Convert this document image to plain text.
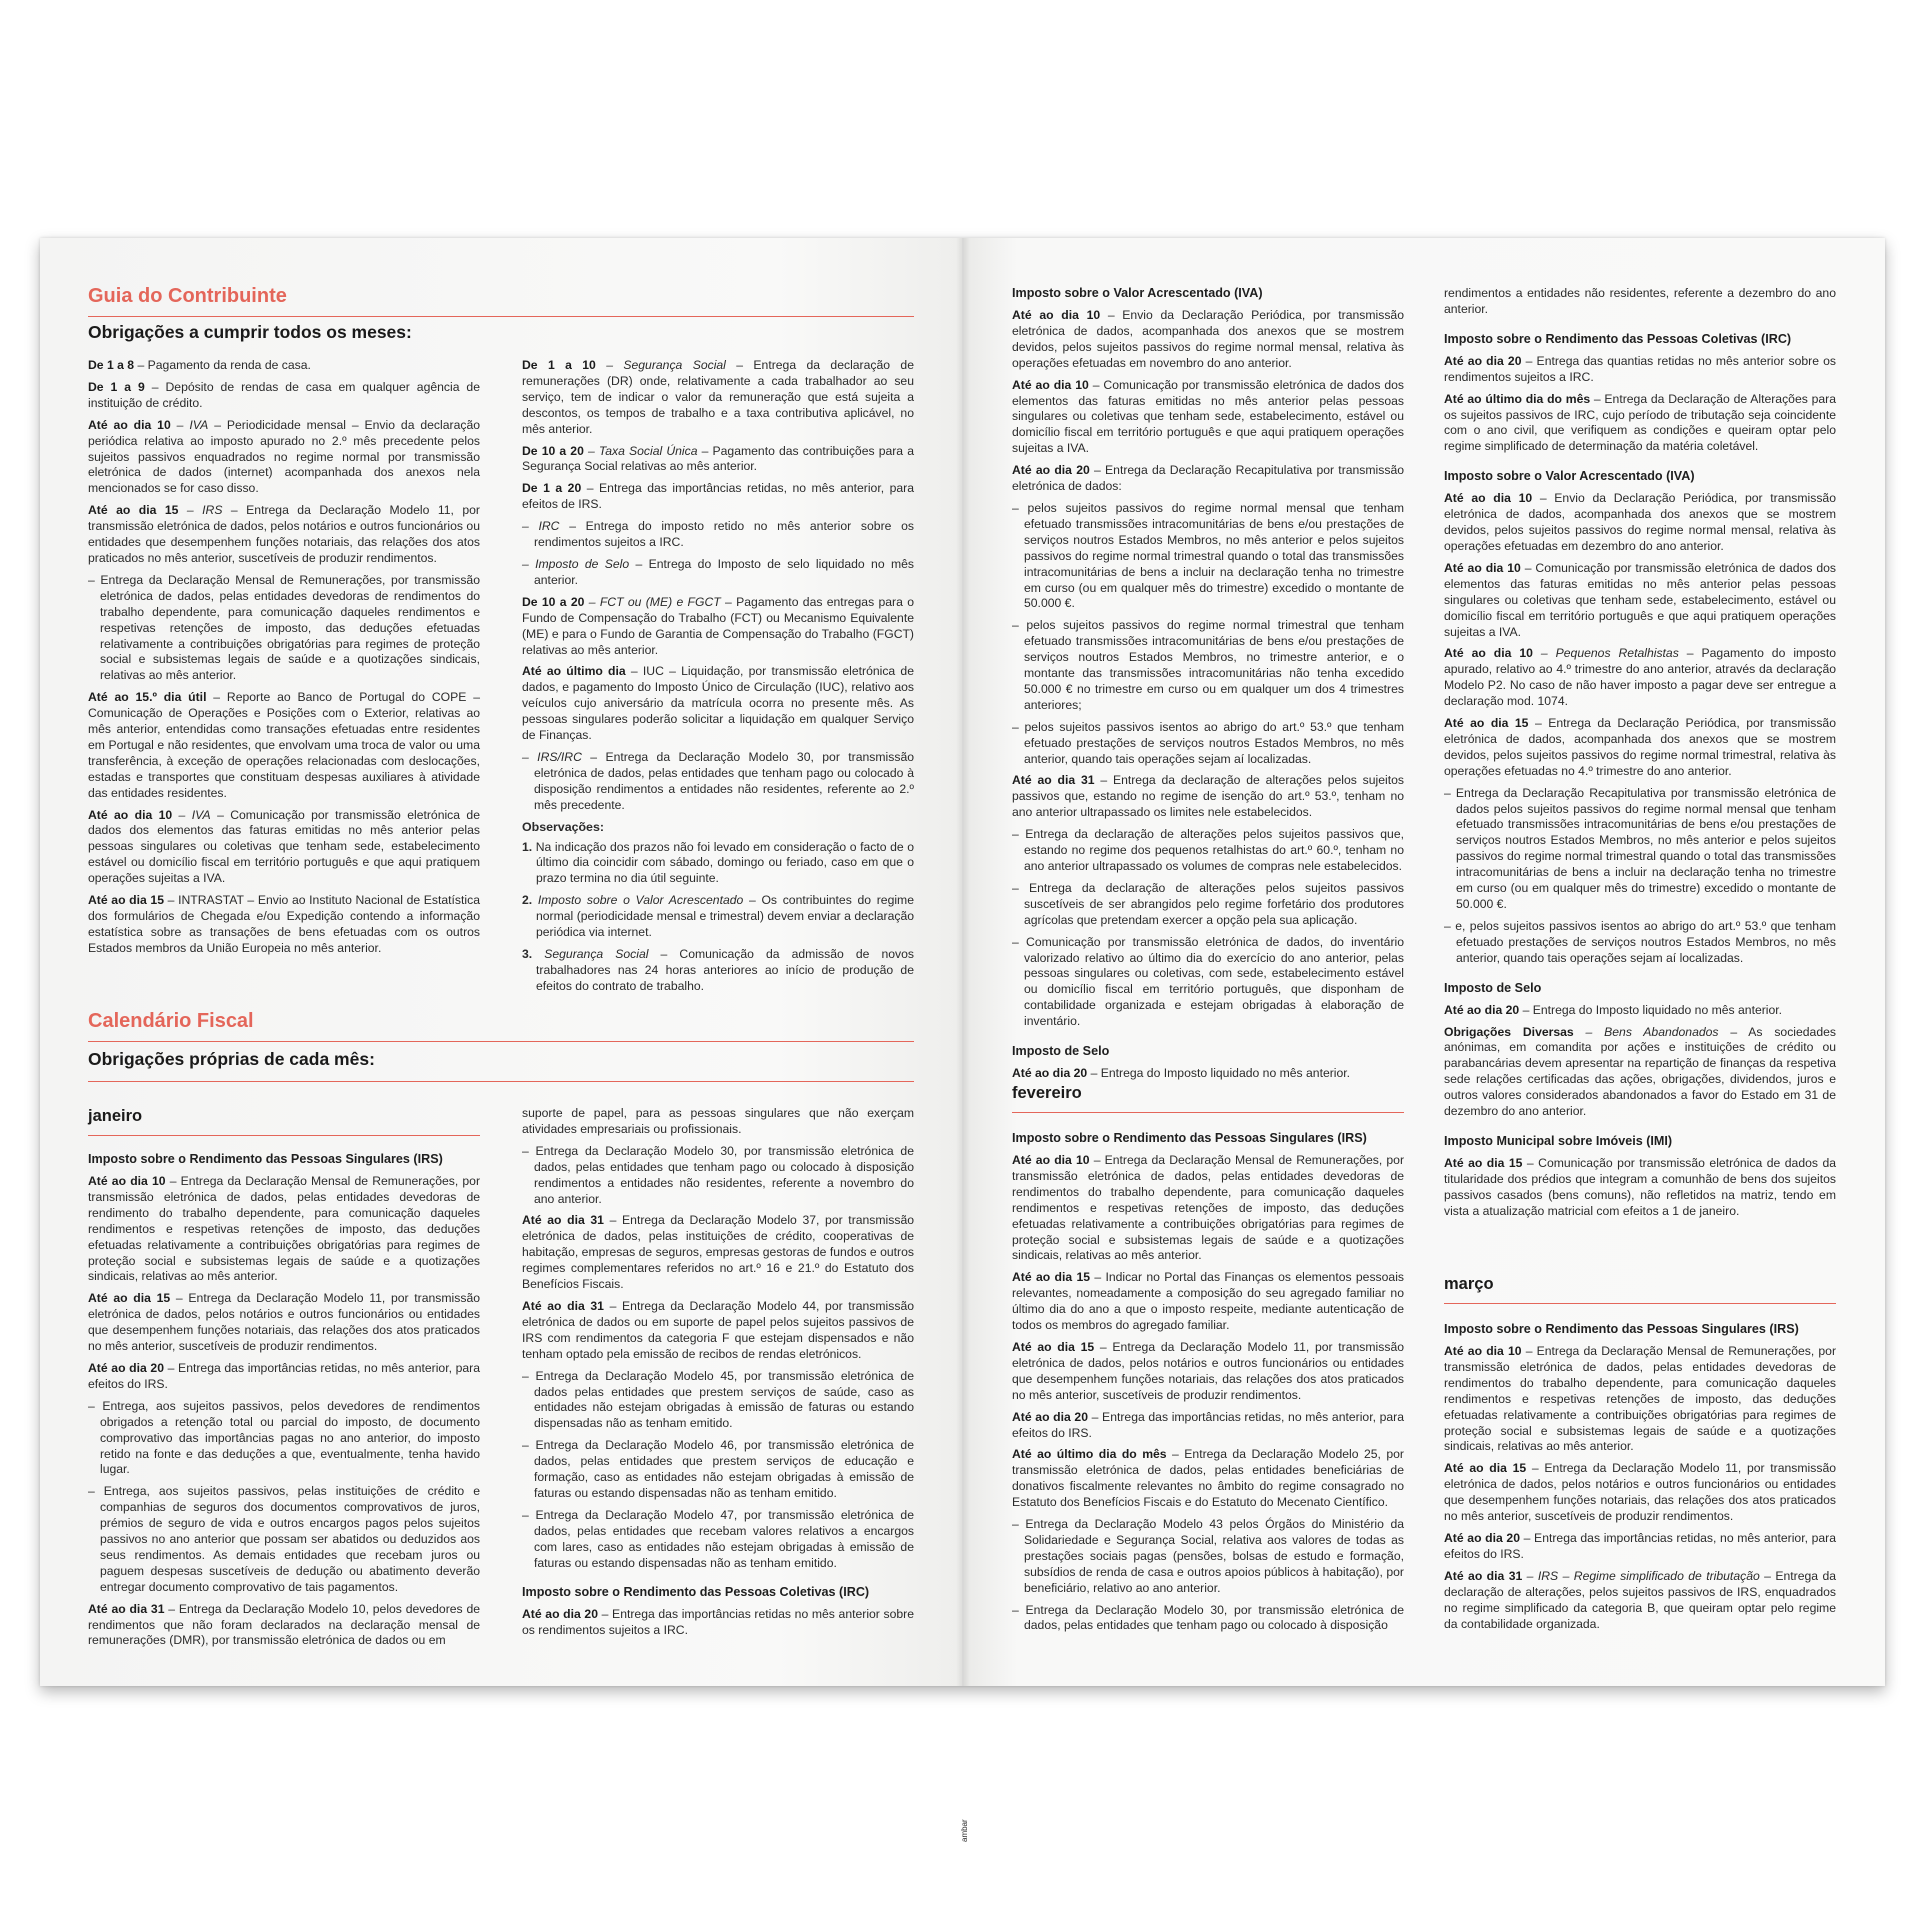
Guia do Contribuinte
Obrigações a cumprir todos os meses:
De 1 a 8 – Pagamento da renda de casa.
De 1 a 9 – Depósito de rendas de casa em qualquer agência de instituição de crédito.
Até ao dia 10 – IVA – Periodicidade mensal – Envio da declaração periódica relativa ao imposto apurado no 2.º mês precedente pelos sujeitos passivos enquadrados no regime normal por transmissão eletrónica de dados (internet) acompanhada dos anexos nela mencionados se for caso disso.
Até ao dia 15 – IRS – Entrega da Declaração Modelo 11, por transmissão eletrónica de dados, pelos notários e outros funcionários ou entidades que desempenhem funções notariais, das relações dos atos praticados no mês anterior, suscetíveis de produzir rendimentos.
– Entrega da Declaração Mensal de Remunerações, por transmissão eletrónica de dados, pelas entidades devedoras de rendimentos do trabalho dependente, para comunicação daqueles rendimentos e respetivas retenções de imposto, das deduções efetuadas relativamente a contribuições obrigatórias para regimes de proteção social e subsistemas legais de saúde e a quotizações sindicais, relativas ao mês anterior.
Até ao 15.º dia útil – Reporte ao Banco de Portugal do COPE – Comunicação de Operações e Posições com o Exterior, relativas ao mês anterior, entendidas como transações efetuadas entre residentes em Portugal e não residentes, que envolvam uma troca de valor ou uma transferência, à exceção de operações relacionadas com deslocações, estadas e transportes que constituam despesas auxiliares à atividade das entidades residentes.
Até ao dia 10 – IVA – Comunicação por transmissão eletrónica de dados dos elementos das faturas emitidas no mês anterior pelas pessoas singulares ou coletivas que tenham sede, estabelecimento estável ou domicílio fiscal em território português e que aqui pratiquem operações sujeitas a IVA.
Até ao dia 15 – INTRASTAT – Envio ao Instituto Nacional de Estatística dos formulários de Chegada e/ou Expedição contendo a informação estatística sobre as transações de bens efetuadas com os outros Estados membros da União Europeia no mês anterior.
De 1 a 10 – Segurança Social – Entrega da declaração de remunerações (DR) onde, relativamente a cada trabalhador ao seu serviço, tem de indicar o valor da remuneração que está sujeita a descontos, os tempos de trabalho e a taxa contributiva aplicável, no mês anterior.
De 10 a 20 – Taxa Social Única – Pagamento das contribuições para a Segurança Social relativas ao mês anterior.
De 1 a 20 – Entrega das importâncias retidas, no mês anterior, para efeitos de IRS.
– IRC – Entrega do imposto retido no mês anterior sobre os rendimentos sujeitos a IRC.
– Imposto de Selo – Entrega do Imposto de selo liquidado no mês anterior.
De 10 a 20 – FCT ou (ME) e FGCT – Pagamento das entregas para o Fundo de Compensação do Trabalho (FCT) ou Mecanismo Equivalente (ME) e para o Fundo de Garantia de Compensação do Trabalho (FGCT) relativas ao mês anterior.
Até ao último dia – IUC – Liquidação, por transmissão eletrónica de dados, e pagamento do Imposto Único de Circulação (IUC), relativo aos veículos cujo aniversário da matrícula ocorra no presente mês. As pessoas singulares poderão solicitar a liquidação em qualquer Serviço de Finanças.
– IRS/IRC – Entrega da Declaração Modelo 30, por transmissão eletrónica de dados, pelas entidades que tenham pago ou colocado à disposição rendimentos a entidades não residentes, referente ao 2.º mês precedente.
Observações:
1. Na indicação dos prazos não foi levado em consideração o facto de o último dia coincidir com sábado, domingo ou feriado, caso em que o prazo termina no dia útil seguinte.
2. Imposto sobre o Valor Acrescentado – Os contribuintes do regime normal (periodicidade mensal e trimestral) devem enviar a declaração periódica via internet.
3. Segurança Social – Comunicação da admissão de novos trabalhadores nas 24 horas anteriores ao início de produção de efeitos do contrato de trabalho.
Calendário Fiscal
Obrigações próprias de cada mês:
janeiro
Imposto sobre o Rendimento das Pessoas Singulares (IRS)
Até ao dia 10 – Entrega da Declaração Mensal de Remunerações, por transmissão eletrónica de dados, pelas entidades devedoras de rendimento do trabalho dependente, para comunicação daqueles rendimentos e respetivas retenções de imposto, das deduções efetuadas relativamente a contribuições obrigatórias para regimes de proteção social e subsistemas legais de saúde e a quotizações sindicais, relativas ao mês anterior.
Até ao dia 15 – Entrega da Declaração Modelo 11, por transmissão eletrónica de dados, pelos notários e outros funcionários ou entidades que desempenhem funções notariais, das relações dos atos praticados no mês anterior, suscetíveis de produzir rendimentos.
Até ao dia 20 – Entrega das importâncias retidas, no mês anterior, para efeitos do IRS.
– Entrega, aos sujeitos passivos, pelos devedores de rendimentos obrigados a retenção total ou parcial do imposto, de documento comprovativo das importâncias pagas no ano anterior, do imposto retido na fonte e das deduções a que, eventualmente, tenha havido lugar.
– Entrega, aos sujeitos passivos, pelas instituições de crédito e companhias de seguros dos documentos comprovativos de juros, prémios de seguro de vida e outros encargos pagos pelos sujeitos passivos no ano anterior que possam ser abatidos ou deduzidos aos seus rendimentos. As demais entidades que recebam juros ou paguem despesas suscetíveis de dedução ou abatimento deverão entregar documento comprovativo de tais pagamentos.
Até ao dia 31 – Entrega da Declaração Modelo 10, pelos devedores de rendimentos que não foram declarados na declaração mensal de remunerações (DMR), por transmissão eletrónica de dados ou em
suporte de papel, para as pessoas singulares que não exerçam atividades empresariais ou profissionais.
– Entrega da Declaração Modelo 30, por transmissão eletrónica de dados, pelas entidades que tenham pago ou colocado à disposição rendimentos a entidades não residentes, referente a novembro do ano anterior.
Até ao dia 31 – Entrega da Declaração Modelo 37, por transmissão eletrónica de dados, pelas instituições de crédito, cooperativas de habitação, empresas de seguros, empresas gestoras de fundos e outros regimes complementares referidos no art.º 16 e 21.º do Estatuto dos Benefícios Fiscais.
Até ao dia 31 – Entrega da Declaração Modelo 44, por transmissão eletrónica de dados ou em suporte de papel pelos sujeitos passivos de IRS com rendimentos da categoria F que estejam dispensados e não tenham optado pela emissão de recibos de rendas eletrónicos.
– Entrega da Declaração Modelo 45, por transmissão eletrónica de dados pelas entidades que prestem serviços de saúde, caso as entidades não estejam obrigadas à emissão de faturas ou estando dispensadas não as tenham emitido.
– Entrega da Declaração Modelo 46, por transmissão eletrónica de dados, pelas entidades que prestem serviços de educação e formação, caso as entidades não estejam obrigadas à emissão de faturas ou estando dispensadas não as tenham emitido.
– Entrega da Declaração Modelo 47, por transmissão eletrónica de dados, pelas entidades que recebam valores relativos a encargos com lares, caso as entidades não estejam obrigadas à emissão de faturas ou estando dispensadas não as tenham emitido.
Imposto sobre o Rendimento das Pessoas Coletivas (IRC)
Até ao dia 20 – Entrega das importâncias retidas no mês anterior sobre os rendimentos sujeitos a IRC.
ambar
Imposto sobre o Valor Acrescentado (IVA)
Até ao dia 10 – Envio da Declaração Periódica, por transmissão eletrónica de dados, acompanhada dos anexos que se mostrem devidos, pelos sujeitos passivos do regime normal mensal, relativa às operações efetuadas em novembro do ano anterior.
Até ao dia 10 – Comunicação por transmissão eletrónica de dados dos elementos das faturas emitidas no mês anterior pelas pessoas singulares ou coletivas que tenham sede, estabelecimento, estável ou domicílio fiscal em território português e que aqui pratiquem operações sujeitas a IVA.
Até ao dia 20 – Entrega da Declaração Recapitulativa por transmissão eletrónica de dados:
– pelos sujeitos passivos do regime normal mensal que tenham efetuado transmissões intracomunitárias de bens e/ou prestações de serviços noutros Estados Membros, no mês anterior e pelos sujeitos passivos do regime normal trimestral quando o total das transmissões intracomunitárias de bens a incluir na declaração tenha no trimestre em curso (ou em qualquer mês do trimestre) excedido o montante de 50.000 €.
– pelos sujeitos passivos do regime normal trimestral que tenham efetuado transmissões intracomunitárias de bens e/ou prestações de serviços noutros Estados Membros, no trimestre anterior, e o montante das transmissões intracomunitárias não tenha excedido 50.000 € no trimestre em curso ou em qualquer um dos 4 trimestres anteriores;
– pelos sujeitos passivos isentos ao abrigo do art.º 53.º que tenham efetuado prestações de serviços noutros Estados Membros, no mês anterior, quando tais operações sejam aí localizadas.
Até ao dia 31 – Entrega da declaração de alterações pelos sujeitos passivos que, estando no regime de isenção do art.º 53.º, tenham no ano anterior ultrapassado os limites nele estabelecidos.
– Entrega da declaração de alterações pelos sujeitos passivos que, estando no regime dos pequenos retalhistas do art.º 60.º, tenham no ano anterior ultrapassado os volumes de compras nele estabelecidos.
– Entrega da declaração de alterações pelos sujeitos passivos suscetíveis de ser abrangidos pelo regime forfetário dos produtores agrícolas que pretendam exercer a opção pela sua aplicação.
– Comunicação por transmissão eletrónica de dados, do inventário valorizado relativo ao último dia do exercício do ano anterior, pelas pessoas singulares ou coletivas, com sede, estabelecimento estável ou domicílio fiscal em território português, que disponham de contabilidade organizada e estejam obrigadas à elaboração de inventário.
Imposto de Selo
Até ao dia 20 – Entrega do Imposto liquidado no mês anterior.
fevereiro
Imposto sobre o Rendimento das Pessoas Singulares (IRS)
Até ao dia 10 – Entrega da Declaração Mensal de Remunerações, por transmissão eletrónica de dados, pelas entidades devedoras de rendimentos do trabalho dependente, para comunicação daqueles rendimentos e respetivas retenções de imposto, das deduções efetuadas relativamente a contribuições obrigatórias para regimes de proteção social e subsistemas legais de saúde e a quotizações sindicais, relativas ao mês anterior.
Até ao dia 15 – Indicar no Portal das Finanças os elementos pessoais relevantes, nomeadamente a composição do seu agregado familiar no último dia do ano a que o imposto respeite, mediante autenticação de todos os membros do agregado familiar.
Até ao dia 15 – Entrega da Declaração Modelo 11, por transmissão eletrónica de dados, pelos notários e outros funcionários ou entidades que desempenhem funções notariais, das relações dos atos praticados no mês anterior, suscetíveis de produzir rendimentos.
Até ao dia 20 – Entrega das importâncias retidas, no mês anterior, para efeitos do IRS.
Até ao último dia do mês – Entrega da Declaração Modelo 25, por transmissão eletrónica de dados, pelas entidades beneficiárias de donativos fiscalmente relevantes no âmbito do regime consagrado no Estatuto dos Benefícios Fiscais e do Estatuto do Mecenato Científico.
– Entrega da Declaração Modelo 43 pelos Órgãos do Ministério da Solidariedade e Segurança Social, relativa aos valores de todas as prestações sociais pagas (pensões, bolsas de estudo e formação, subsídios de renda de casa e outros apoios públicos à habitação), por beneficiário, relativo ao ano anterior.
– Entrega da Declaração Modelo 30, por transmissão eletrónica de dados, pelas entidades que tenham pago ou colocado à disposição
rendimentos a entidades não residentes, referente a dezembro do ano anterior.
Imposto sobre o Rendimento das Pessoas Coletivas (IRC)
Até ao dia 20 – Entrega das quantias retidas no mês anterior sobre os rendimentos sujeitos a IRC.
Até ao último dia do mês – Entrega da Declaração de Alterações para os sujeitos passivos de IRC, cujo período de tributação seja coincidente com o ano civil, que verifiquem as condições e queiram optar pelo regime simplificado de determinação da matéria coletável.
Imposto sobre o Valor Acrescentado (IVA)
Até ao dia 10 – Envio da Declaração Periódica, por transmissão eletrónica de dados, acompanhada dos anexos que se mostrem devidos, pelos sujeitos passivos do regime normal mensal, relativa às operações efetuadas em dezembro do ano anterior.
Até ao dia 10 – Comunicação por transmissão eletrónica de dados dos elementos das faturas emitidas no mês anterior pelas pessoas singulares ou coletivas que tenham sede, estabelecimento, estável ou domicílio fiscal em território português e que aqui pratiquem operações sujeitas a IVA.
Até ao dia 10 – Pequenos Retalhistas – Pagamento do imposto apurado, relativo ao 4.º trimestre do ano anterior, através da declaração Modelo P2. No caso de não haver imposto a pagar deve ser entregue a declaração mod. 1074.
Até ao dia 15 – Entrega da Declaração Periódica, por transmissão eletrónica de dados, acompanhada dos anexos que se mostrem devidos, pelos sujeitos passivos do regime normal trimestral, relativa às operações efetuadas no 4.º trimestre do ano anterior.
– Entrega da Declaração Recapitulativa por transmissão eletrónica de dados pelos sujeitos passivos do regime normal mensal que tenham efetuado transmissões intracomunitárias de bens e/ou prestações de serviços noutros Estados Membros, no mês anterior e pelos sujeitos passivos do regime normal trimestral quando o total das transmissões intracomunitárias de bens a incluir na declaração tenha no trimestre em curso (ou em qualquer mês do trimestre) excedido o montante de 50.000 €.
– e, pelos sujeitos passivos isentos ao abrigo do art.º 53.º que tenham efetuado prestações de serviços noutros Estados Membros, no mês anterior, quando tais operações sejam aí localizadas.
Imposto de Selo
Até ao dia 20 – Entrega do Imposto liquidado no mês anterior.
Obrigações Diversas – Bens Abandonados – As sociedades anónimas, em comandita por ações e instituições de crédito ou parabancárias devem apresentar na repartição de finanças da respetiva sede relações certificadas das ações, obrigações, dividendos, juros e outros valores considerados abandonados a favor do Estado em 31 de dezembro do ano anterior.
Imposto Municipal sobre Imóveis (IMI)
Até ao dia 15 – Comunicação por transmissão eletrónica de dados da titularidade dos prédios que integram a comunhão de bens dos sujeitos passivos casados (bens comuns), não refletidos na matriz, tendo em vista a atualização matricial com efeitos a 1 de janeiro.
março
Imposto sobre o Rendimento das Pessoas Singulares (IRS)
Até ao dia 10 – Entrega da Declaração Mensal de Remunerações, por transmissão eletrónica de dados, pelas entidades devedoras de rendimentos do trabalho dependente, para comunicação daqueles rendimentos e respetivas retenções de imposto, das deduções efetuadas relativamente a contribuições obrigatórias para regimes de proteção social e subsistemas legais de saúde e a quotizações sindicais, relativas ao mês anterior.
Até ao dia 15 – Entrega da Declaração Modelo 11, por transmissão eletrónica de dados, pelos notários e outros funcionários ou entidades que desempenhem funções notariais, das relações dos atos praticados no mês anterior, suscetíveis de produzir rendimentos.
Até ao dia 20 – Entrega das importâncias retidas, no mês anterior, para efeitos do IRS.
Até ao dia 31 – IRS – Regime simplificado de tributação – Entrega da declaração de alterações, pelos sujeitos passivos de IRS, enquadrados no regime simplificado da categoria B, que queiram optar pelo regime da contabilidade organizada.
